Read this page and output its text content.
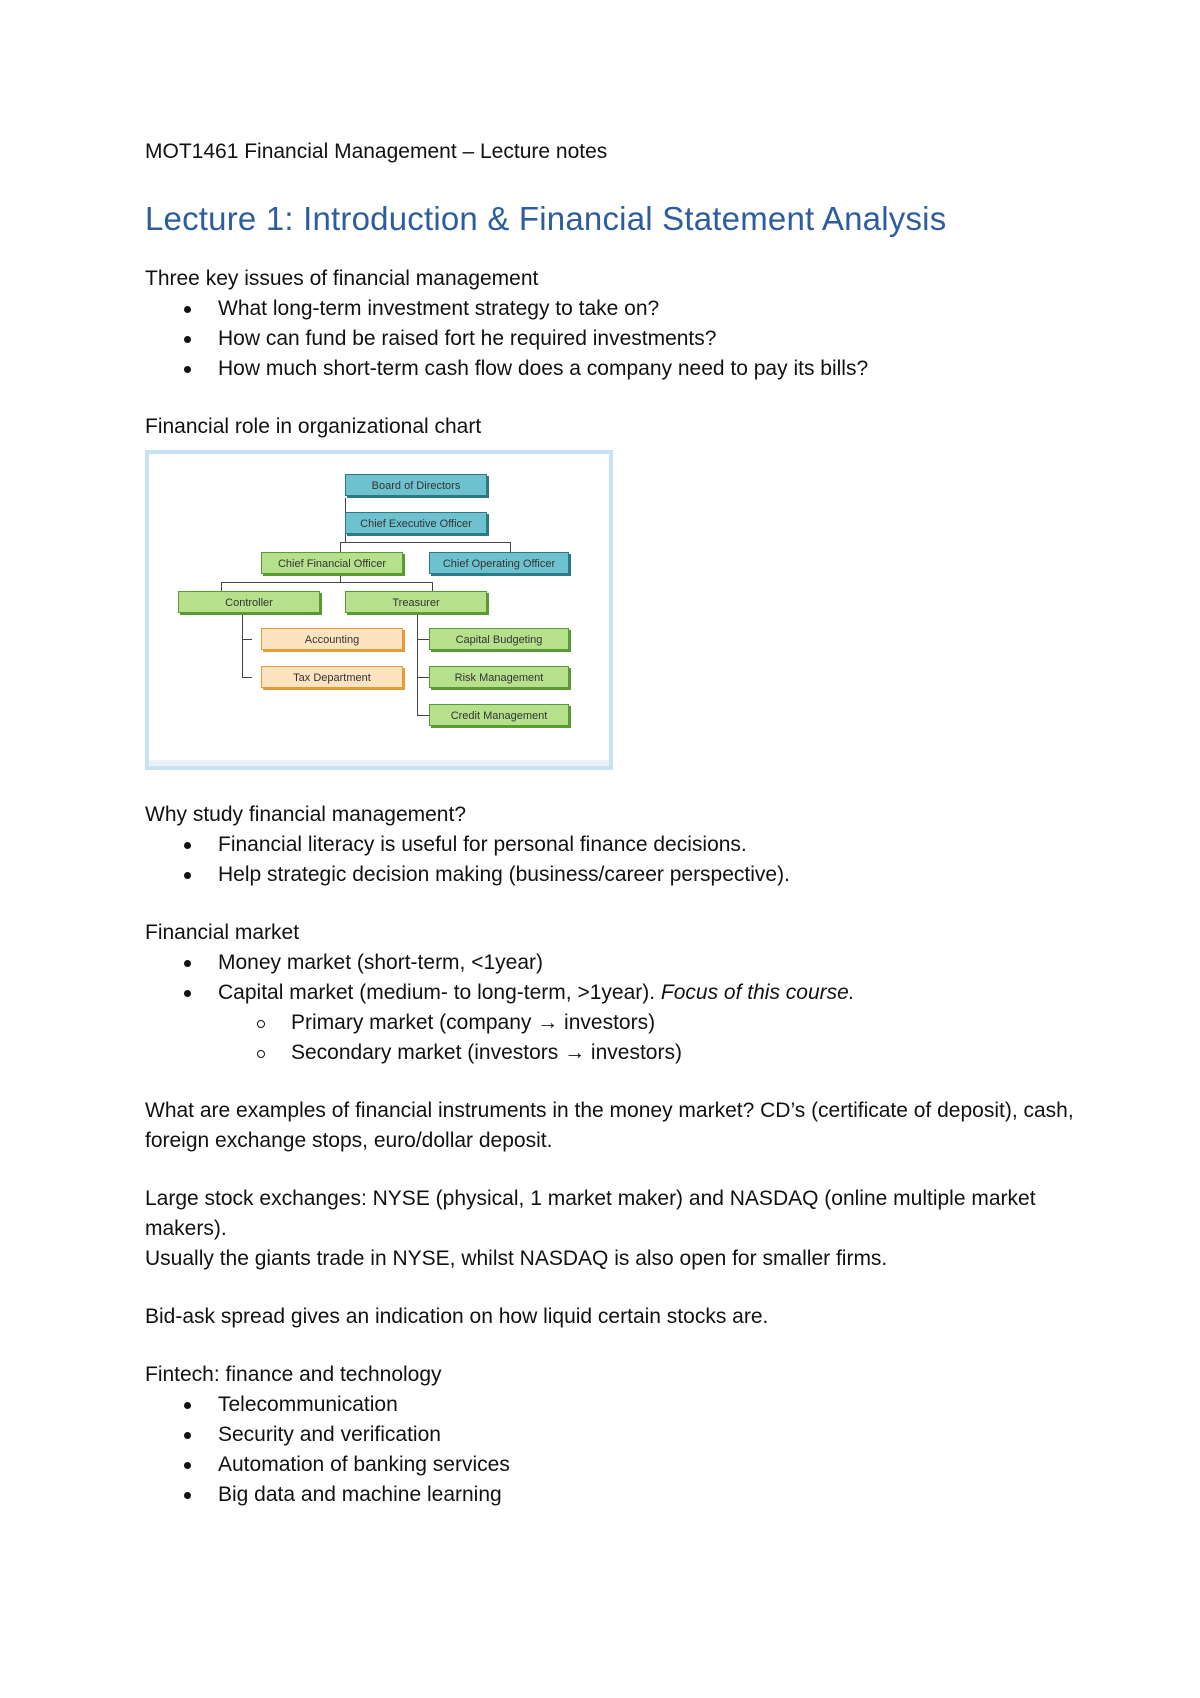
MOT1461 Financial Management – Lecture notes

Lecture 1: Introduction & Financial Statement Analysis

Three key issues of financial management

What long-term investment strategy to take on?
How can fund be raised fort he required investments?
How much short-term cash flow does a company need to pay its bills?

Financial role in organizational chart

Board of Directors
Chief Executive Officer
Chief Financial Officer	Chief Operating Officer
Controller	Treasurer
Accounting
Tax Department
Capital Budgeting
Risk Management
Credit Management

Why study financial management?

Financial literacy is useful for personal finance decisions.
Help strategic decision making (business/career perspective).

Financial market

Money market (short-term, <1year)
Capital market (medium- to long-term, >1year). Focus of this course.
Primary market (company → investors)
Secondary market (investors → investors)

What are examples of financial instruments in the money market? CD’s (certificate of deposit), cash, foreign exchange stops, euro/dollar deposit.

Large stock exchanges: NYSE (physical, 1 market maker) and NASDAQ (online multiple market makers).

Usually the giants trade in NYSE, whilst NASDAQ is also open for smaller firms.

Bid-ask spread gives an indication on how liquid certain stocks are.

Fintech: finance and technology

Telecommunication
Security and verification
Automation of banking services
Big data and machine learning
